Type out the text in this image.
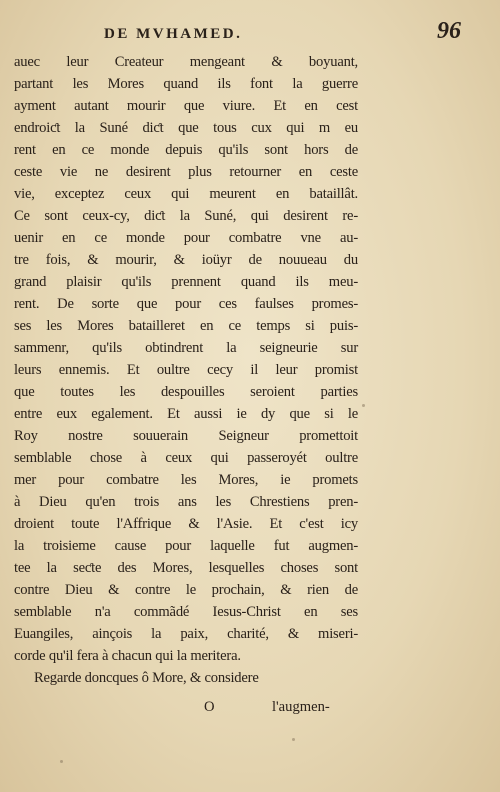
DE MVHAMED.	96
auec leur Createur mengeant & boyuant,
partant les Mores quand ils font la guerre
ayment autant mourir que viure. Et en cest
endroiƈt la Suné diƈt que tous cux qui m eu
rent en ce monde depuis qu'ils sont hors de
ceste vie ne desirent plus retourner en ceste
vie, exceptez ceux qui meurent en bataillât.
Ce sont ceux-cy, diƈt la Suné, qui desirent re-
uenir en ce monde pour combatre vne au-
tre fois, & mourir, & ioüyr de nouueau du
grand plaisir qu'ils prennent quand ils meu-
rent. De sorte que pour ces faulses promes-
ses les Mores batailleret en ce temps si puis-
sammenr, qu'ils obtindrent la seigneurie sur
leurs ennemis. Et oultre cecy il leur promist
que toutes les despouilles seroient parties
entre eux egalement. Et aussi ie dy que si le
Roy nostre souuerain Seigneur promettoit
semblable chose à ceux qui passeroyét oultre
mer pour combatre les Mores, ie promets
à Dieu qu'en trois ans les Chrestiens pren-
droient toute l'Affrique & l'Asie. Et c'est icy
la troisieme cause pour laquelle fut augmen-
tee la seƈte des Mores, lesquelles choses sont
contre Dieu & contre le prochain, & rien de
semblable n'a commãdé Iesus-Christ en ses
Euangiles, ainçois la paix, charité, & miseri-
corde qu'il fera à chacun qui la meritera.
Regarde doncques ô More, & considere
O	l'augmen-
